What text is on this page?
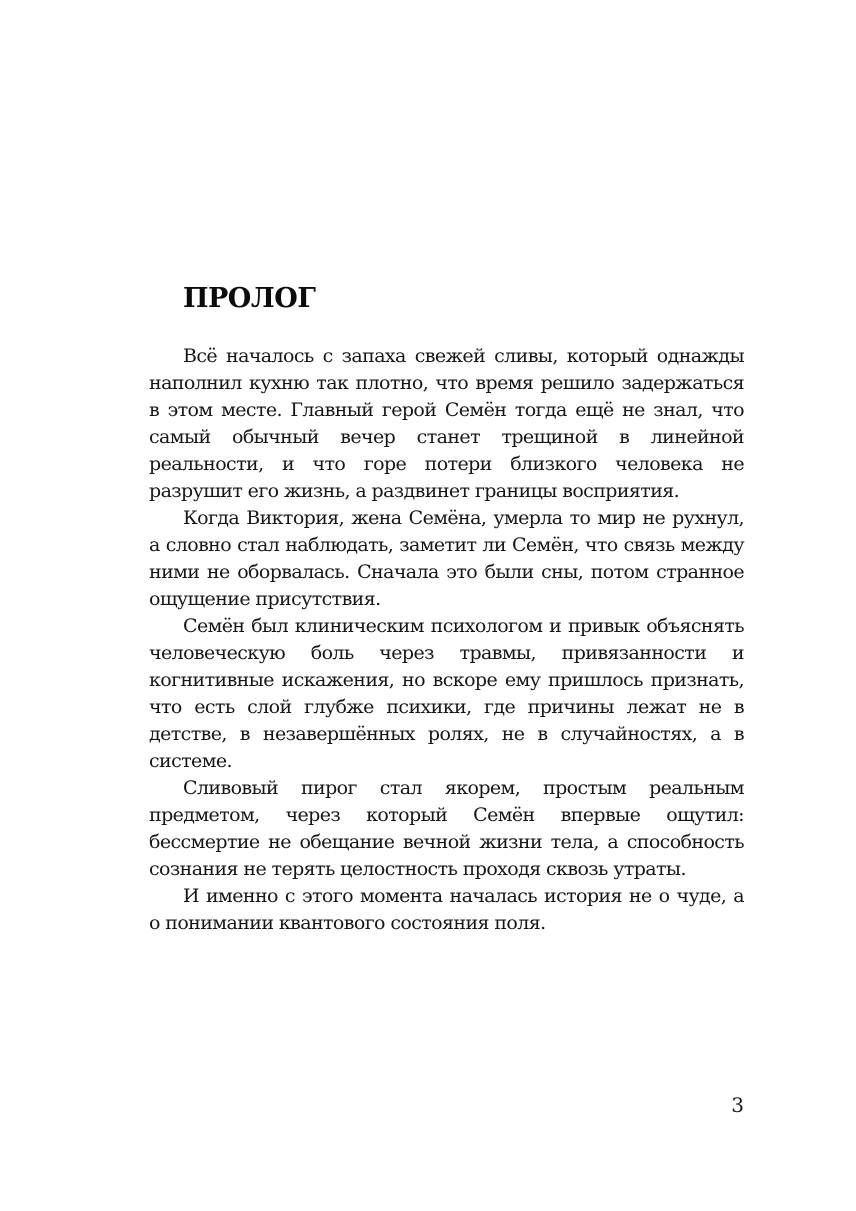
ПРОЛОГ

Всё началось с запаха свежей сливы, который однажды наполнил кухню так плотно, что время решило задержаться в этом месте. Главный герой Семён тогда ещё не знал, что самый обычный вечер станет трещиной в линейной реальности, и что горе потери близкого человека не разрушит его жизнь, а раздвинет границы восприятия.

Когда Виктория, жена Семёна, умерла то мир не рухнул, а словно стал наблюдать, заметит ли Семён, что связь между ними не оборвалась. Сначала это были сны, потом странное ощущение присутствия.

Семён был клиническим психологом и привык объяснять человеческую боль через травмы, привязанности и когнитивные искажения, но вскоре ему пришлось признать, что есть слой глубже психики, где причины лежат не в детстве, в незавершённых ролях, не в случайностях, а в системе.

Сливовый пирог стал якорем, простым реальным предметом, через который Семён впервые ощутил: бессмертие не обещание вечной жизни тела, а способность сознания не терять целостность проходя сквозь утраты.

И именно с этого момента началась история не о чуде, а о понимании квантового состояния поля.

3
